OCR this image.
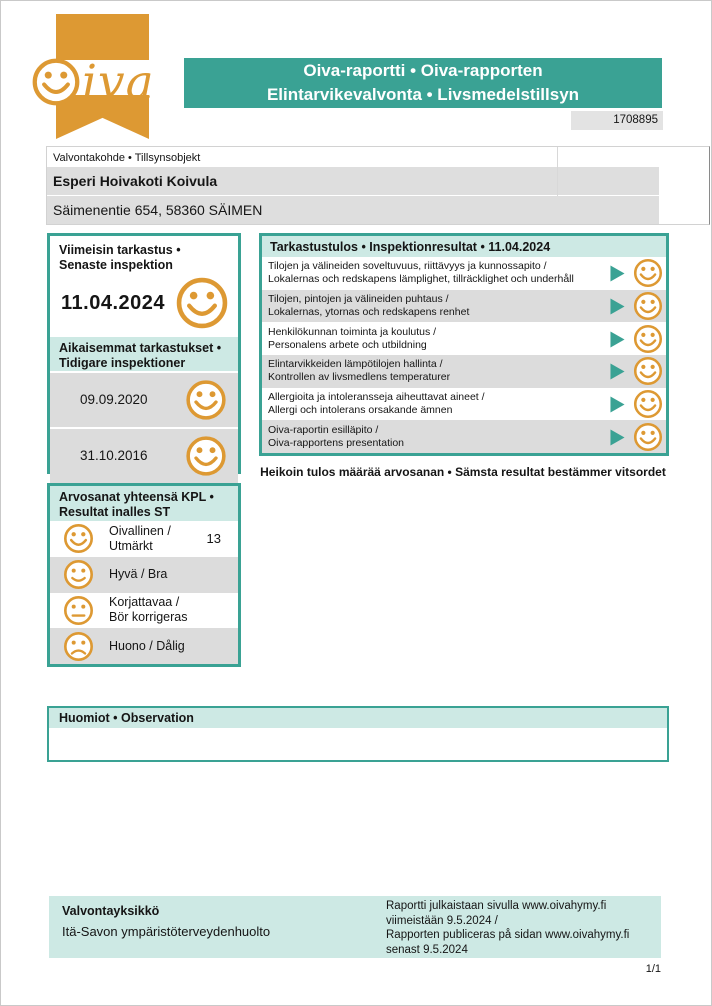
iva	Oiva-raportti • Oiva-rapporten
Elintarvikevalvonta • Livsmedelstillsyn
1708895
Valvontakohde • Tillsynsobjekt
Esperi Hoivakoti Koivula
Säimenentie 654, 58360 SÄIMEN
Viimeisin tarkastus •
Senaste inspektion
11.04.2024
Aikaisemmat tarkastukset •
Tidigare inspektioner
09.09.2020
31.10.2016
Tarkastustulos • Inspektionresultat • 11.04.2024
Tilojen ja välineiden soveltuvuus, riittävyys ja kunnossapito /
Lokalernas och redskapens lämplighet, tillräcklighet och underhåll
Tilojen, pintojen ja välineiden puhtaus /
Lokalernas, ytornas och redskapens renhet
Henkilökunnan toiminta ja koulutus /
Personalens arbete och utbildning
Elintarvikkeiden lämpötilojen hallinta /
Kontrollen av livsmedlens temperaturer
Allergioita ja intoleransseja aiheuttavat aineet /
Allergi och intolerans orsakande ämnen
Oiva-raportin esilläpito /
Oiva-rapportens presentation
Heikoin tulos määrää arvosanan • Sämsta resultat bestämmer vitsordet
Arvosanat yhteensä KPL •
Resultat inalles ST
Oivallinen /
Utmärkt	13
Hyvä / Bra
Korjattavaa /
Bör korrigeras
Huono / Dålig
Huomiot • Observation
Valvontayksikkö
Itä-Savon ympäristöterveydenhuolto
Raportti julkaistaan sivulla www.oivahymy.fi
viimeistään 9.5.2024 /
Rapporten publiceras på sidan www.oivahymy.fi
senast 9.5.2024
1/1
